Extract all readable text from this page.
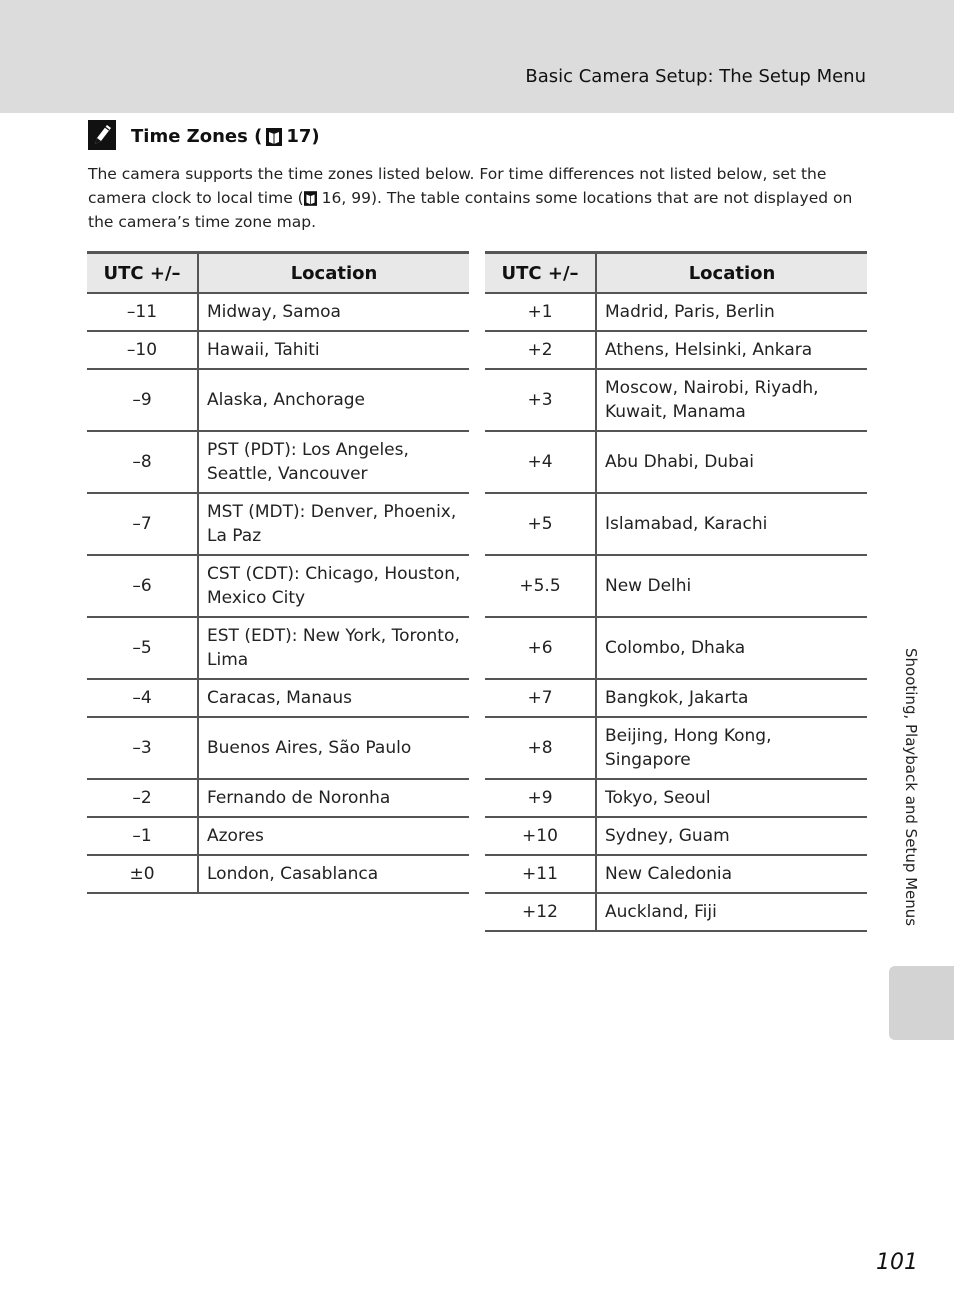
Basic Camera Setup: The Setup Menu
Time Zones ( 17)
The camera supports the time zones listed below. For time differences not listed below, set the camera clock to local time ( 16, 99). The table contains some locations that are not displayed on the camera’s time zone map.
UTC +/–	Location
–11	Midway, Samoa
–10	Hawaii, Tahiti
–9	Alaska, Anchorage
–8	PST (PDT): Los Angeles, Seattle, Vancouver
–7	MST (MDT): Denver, Phoenix, La Paz
–6	CST (CDT): Chicago, Houston, Mexico City
–5	EST (EDT): New York, Toronto, Lima
–4	Caracas, Manaus
–3	Buenos Aires, São Paulo
–2	Fernando de Noronha
–1	Azores
±0	London, Casablanca
UTC +/–	Location
+1	Madrid, Paris, Berlin
+2	Athens, Helsinki, Ankara
+3	Moscow, Nairobi, Riyadh, Kuwait, Manama
+4	Abu Dhabi, Dubai
+5	Islamabad, Karachi
+5.5	New Delhi
+6	Colombo, Dhaka
+7	Bangkok, Jakarta
+8	Beijing, Hong Kong, Singapore
+9	Tokyo, Seoul
+10	Sydney, Guam
+11	New Caledonia
+12	Auckland, Fiji	Shooting, Playback and Setup Menus
101
